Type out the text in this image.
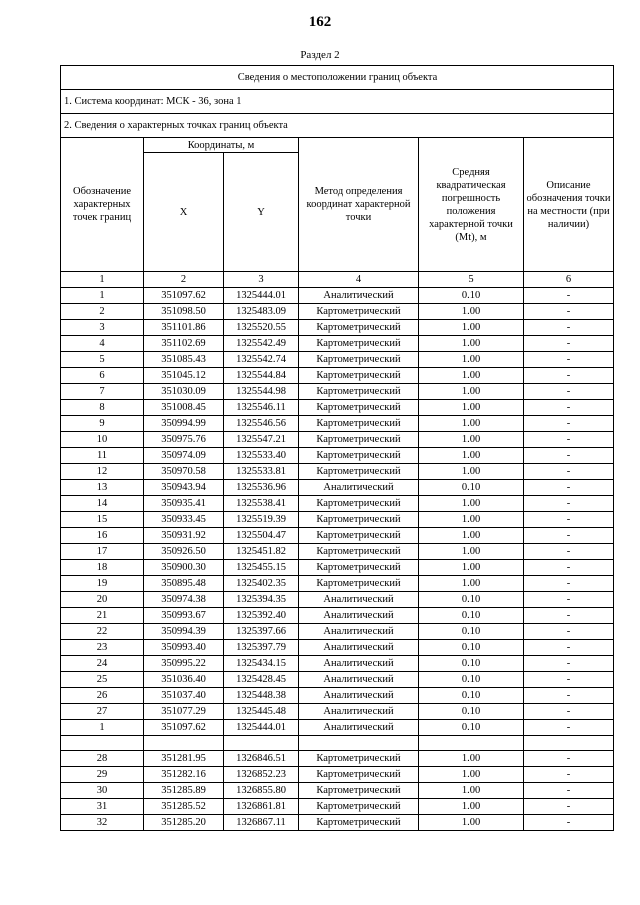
162
Раздел 2
Сведения о местоположении границ объекта					
1. Система координат: МСК - 36, зона 1					
2. Сведения о характерных точках границ объекта					
Обозначение характерных точек границ	Координаты, м		Метод определения координат характерной точки	Средняя квадратическая погрешность положения характерной точки (Mt), м	Описание обозначения точки на местности (при наличии)
	X	Y			
1	2	3	4	5	6
1	351097.62	1325444.01	Аналитический	0.10	-
2	351098.50	1325483.09	Картометрический	1.00	-
3	351101.86	1325520.55	Картометрический	1.00	-
4	351102.69	1325542.49	Картометрический	1.00	-
5	351085.43	1325542.74	Картометрический	1.00	-
6	351045.12	1325544.84	Картометрический	1.00	-
7	351030.09	1325544.98	Картометрический	1.00	-
8	351008.45	1325546.11	Картометрический	1.00	-
9	350994.99	1325546.56	Картометрический	1.00	-
10	350975.76	1325547.21	Картометрический	1.00	-
11	350974.09	1325533.40	Картометрический	1.00	-
12	350970.58	1325533.81	Картометрический	1.00	-
13	350943.94	1325536.96	Аналитический	0.10	-
14	350935.41	1325538.41	Картометрический	1.00	-
15	350933.45	1325519.39	Картометрический	1.00	-
16	350931.92	1325504.47	Картометрический	1.00	-
17	350926.50	1325451.82	Картометрический	1.00	-
18	350900.30	1325455.15	Картометрический	1.00	-
19	350895.48	1325402.35	Картометрический	1.00	-
20	350974.38	1325394.35	Аналитический	0.10	-
21	350993.67	1325392.40	Аналитический	0.10	-
22	350994.39	1325397.66	Аналитический	0.10	-
23	350993.40	1325397.79	Аналитический	0.10	-
24	350995.22	1325434.15	Аналитический	0.10	-
25	351036.40	1325428.45	Аналитический	0.10	-
26	351037.40	1325448.38	Аналитический	0.10	-
27	351077.29	1325445.48	Аналитический	0.10	-
1	351097.62	1325444.01	Аналитический	0.10	-

28	351281.95	1326846.51	Картометрический	1.00	-
29	351282.16	1326852.23	Картометрический	1.00	-
30	351285.89	1326855.80	Картометрический	1.00	-
31	351285.52	1326861.81	Картометрический	1.00	-
32	351285.20	1326867.11	Картометрический	1.00	-
